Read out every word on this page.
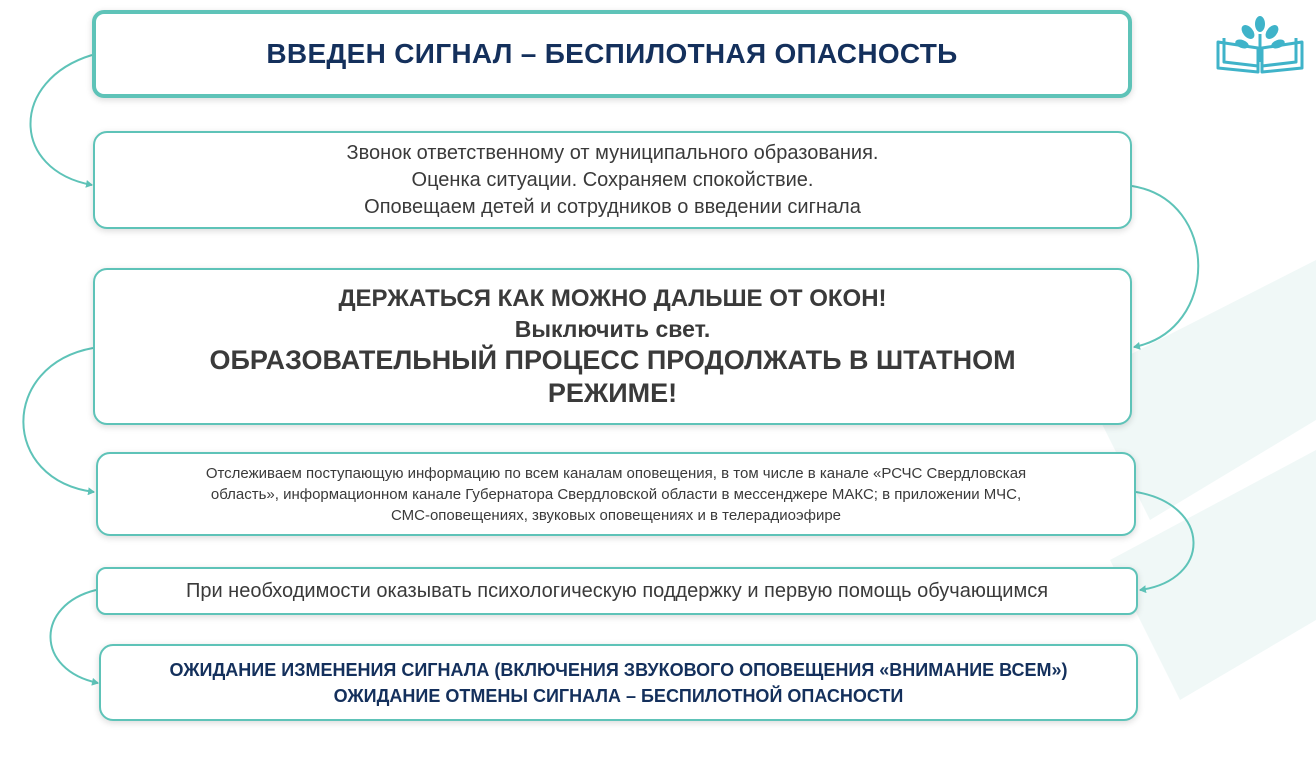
ВВЕДЕН СИГНАЛ – БЕСПИЛОТНАЯ ОПАСНОСТЬ
Звонок ответственному от муниципального образования.
Оценка ситуации. Сохраняем спокойствие.
Оповещаем детей и сотрудников о введении сигнала
ДЕРЖАТЬСЯ КАК МОЖНО ДАЛЬШЕ ОТ ОКОН!
Выключить свет.
ОБРАЗОВАТЕЛЬНЫЙ ПРОЦЕСС ПРОДОЛЖАТЬ В ШТАТНОМ
РЕЖИМЕ!
Отслеживаем поступающую информацию по всем каналам оповещения, в том числе в канале «РСЧС Свердловская
область», информационном канале Губернатора Свердловской области в мессенджере МАКС; в приложении МЧС,
СМС-оповещениях, звуковых оповещениях и в телерадиоэфире
При необходимости оказывать психологическую поддержку и первую помощь обучающимся
ОЖИДАНИЕ ИЗМЕНЕНИЯ СИГНАЛА (ВКЛЮЧЕНИЯ ЗВУКОВОГО ОПОВЕЩЕНИЯ «ВНИМАНИЕ ВСЕМ»)
ОЖИДАНИЕ ОТМЕНЫ СИГНАЛА – БЕСПИЛОТНОЙ ОПАСНОСТИ
